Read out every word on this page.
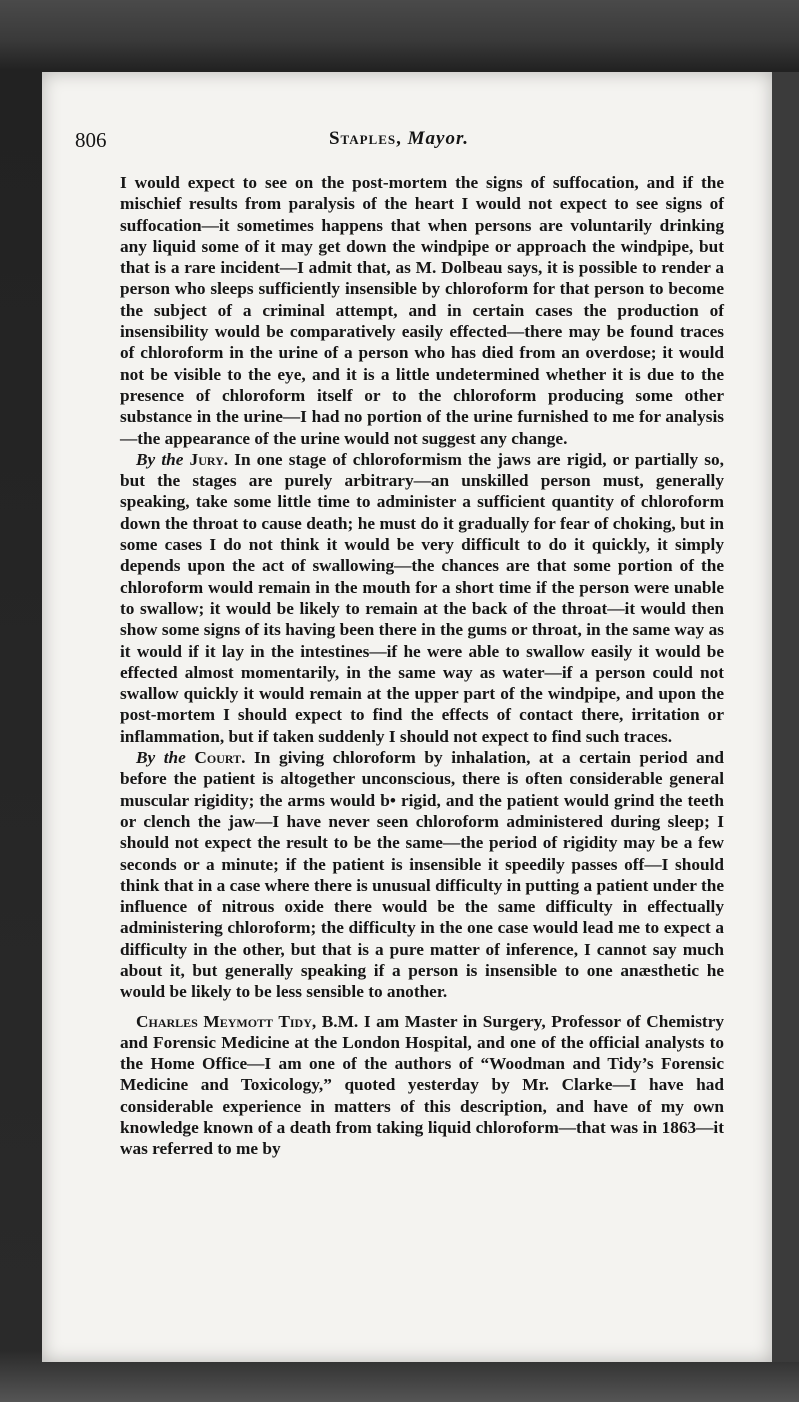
806	Staples, Mayor.

I would expect to see on the post-mortem the signs of suffocation, and if the mischief results from paralysis of the heart I would not expect to see signs of suffocation—it sometimes happens that when persons are voluntarily drinking any liquid some of it may get down the windpipe or approach the windpipe, but that is a rare incident—I admit that, as M. Dolbeau says, it is possible to render a person who sleeps sufficiently insensible by chloroform for that person to become the subject of a criminal attempt, and in certain cases the production of insensibility would be comparatively easily effected—there may be found traces of chloroform in the urine of a person who has died from an overdose; it would not be visible to the eye, and it is a little undetermined whether it is due to the presence of chloroform itself or to the chloroform producing some other substance in the urine—I had no portion of the urine furnished to me for analysis—the appearance of the urine would not suggest any change.

By the Jury. In one stage of chloroformism the jaws are rigid, or partially so, but the stages are purely arbitrary—an unskilled person must, generally speaking, take some little time to administer a sufficient quantity of chloroform down the throat to cause death; he must do it gradually for fear of choking, but in some cases I do not think it would be very difficult to do it quickly, it simply depends upon the act of swallowing—the chances are that some portion of the chloroform would remain in the mouth for a short time if the person were unable to swallow; it would be likely to remain at the back of the throat—it would then show some signs of its having been there in the gums or throat, in the same way as it would if it lay in the intestines—if he were able to swallow easily it would be effected almost momentarily, in the same way as water—if a person could not swallow quickly it would remain at the upper part of the windpipe, and upon the post-mortem I should expect to find the effects of contact there, irritation or inflammation, but if taken suddenly I should not expect to find such traces.

By the Court. In giving chloroform by inhalation, at a certain period and before the patient is altogether unconscious, there is often considerable general muscular rigidity; the arms would b• rigid, and the patient would grind the teeth or clench the jaw—I have never seen chloroform administered during sleep; I should not expect the result to be the same—the period of rigidity may be a few seconds or a minute; if the patient is insensible it speedily passes off—I should think that in a case where there is unusual difficulty in putting a patient under the influence of nitrous oxide there would be the same difficulty in effectually administering chloroform; the difficulty in the one case would lead me to expect a difficulty in the other, but that is a pure matter of inference, I cannot say much about it, but generally speaking if a person is insensible to one anæsthetic he would be likely to be less sensible to another.

Charles Meymott Tidy, B.M. I am Master in Surgery, Professor of Chemistry and Forensic Medicine at the London Hospital, and one of the official analysts to the Home Office—I am one of the authors of “Woodman and Tidy’s Forensic Medicine and Toxicology,” quoted yesterday by Mr. Clarke—I have had considerable experience in matters of this description, and have of my own knowledge known of a death from taking liquid chloroform—that was in 1863—it was referred to me by
